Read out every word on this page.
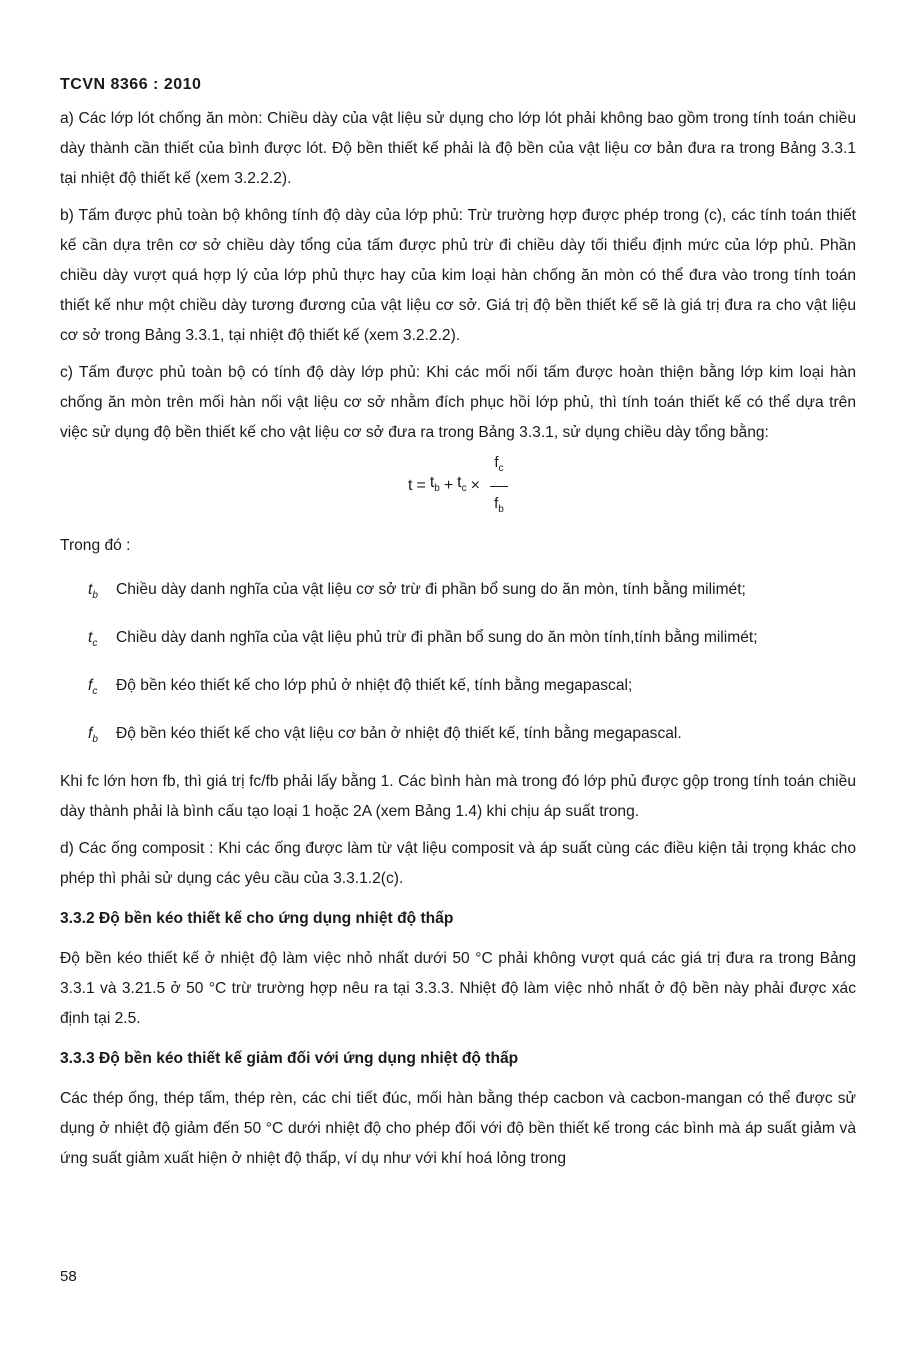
TCVN 8366 : 2010

a) Các lớp lót chống ăn mòn: Chiều dày của vật liệu sử dụng cho lớp lót phải không bao gồm trong tính toán chiều dày thành cần thiết của bình được lót. Độ bền thiết kế phải là độ bền của vật liệu cơ bản đưa ra trong Bảng 3.3.1 tại nhiệt độ thiết kế (xem 3.2.2.2).

b) Tấm được phủ toàn bộ không tính độ dày của lớp phủ: Trừ trường hợp được phép trong (c), các tính toán thiết kế cần dựa trên cơ sở chiều dày tổng của tấm được phủ trừ đi chiều dày tối thiểu định mức của lớp phủ. Phần chiều dày vượt quá hợp lý của lớp phủ thực hay của kim loại hàn chống ăn mòn có thể đưa vào trong tính toán thiết kế như một chiều dày tương đương của vật liệu cơ sở. Giá trị độ bền thiết kế sẽ là giá trị đưa ra cho vật liệu cơ sở trong Bảng 3.3.1, tại nhiệt độ thiết kế (xem 3.2.2.2).

c) Tấm được phủ toàn bộ có tính độ dày lớp phủ: Khi các mối nối tấm được hoàn thiện bằng lớp kim loại hàn chống ăn mòn trên mối hàn nối vật liệu cơ sở nhằm đích phục hồi lớp phủ, thì tính toán thiết kế có thể dựa trên việc sử dụng độ bền thiết kế cho vật liệu cơ sở đưa ra trong Bảng 3.3.1, sử dụng chiều dày tổng bằng:

$t = t_b + t_c \times \frac{f_c}{f_b}$

Trong đó :

$t_b$	Chiều dày danh nghĩa của vật liệu cơ sở trừ đi phần bổ sung do ăn mòn, tính bằng milimét;
$t_c$	Chiều dày danh nghĩa của vật liệu phủ trừ đi phần bổ sung do ăn mòn tính,tính bằng milimét;
$f_c$	Độ bền kéo thiết kế cho lớp phủ ở nhiệt độ thiết kế, tính bằng megapascal;
$f_b$	Độ bền kéo thiết kế cho vật liệu cơ bản ở nhiệt độ thiết kế, tính bằng megapascal.

Khi fc lớn hơn fb, thì giá trị fc/fb phải lấy bằng 1. Các bình hàn mà trong đó lớp phủ được gộp trong tính toán chiều dày thành phải là bình cấu tạo loại 1 hoặc 2A (xem Bảng 1.4) khi chịu áp suất trong.

d) Các ống composit : Khi các ống được làm từ vật liệu composit và áp suất cùng các điều kiện tải trọng khác cho phép thì phải sử dụng các yêu cầu của 3.3.1.2(c).

3.3.2 Độ bền kéo thiết kế cho ứng dụng nhiệt độ thấp

Độ bền kéo thiết kế ở nhiệt độ làm việc nhỏ nhất dưới 50 °C phải không vượt quá các giá trị đưa ra trong Bảng 3.3.1 và 3.21.5 ở 50 °C trừ trường hợp nêu ra tại 3.3.3. Nhiệt độ làm việc nhỏ nhất ở độ bền này phải được xác định tại 2.5.

3.3.3 Độ bền kéo thiết kế giảm đối với ứng dụng nhiệt độ thấp

Các thép ống, thép tấm, thép rèn, các chi tiết đúc, mối hàn bằng thép cacbon và cacbon-mangan có thể được sử dụng ở nhiệt độ giảm đến 50 °C dưới nhiệt độ cho phép đối với độ bền thiết kế trong các bình mà áp suất giảm và ứng suất giảm xuất hiện ở nhiệt độ thấp, ví dụ như với khí hoá lỏng trong

58
